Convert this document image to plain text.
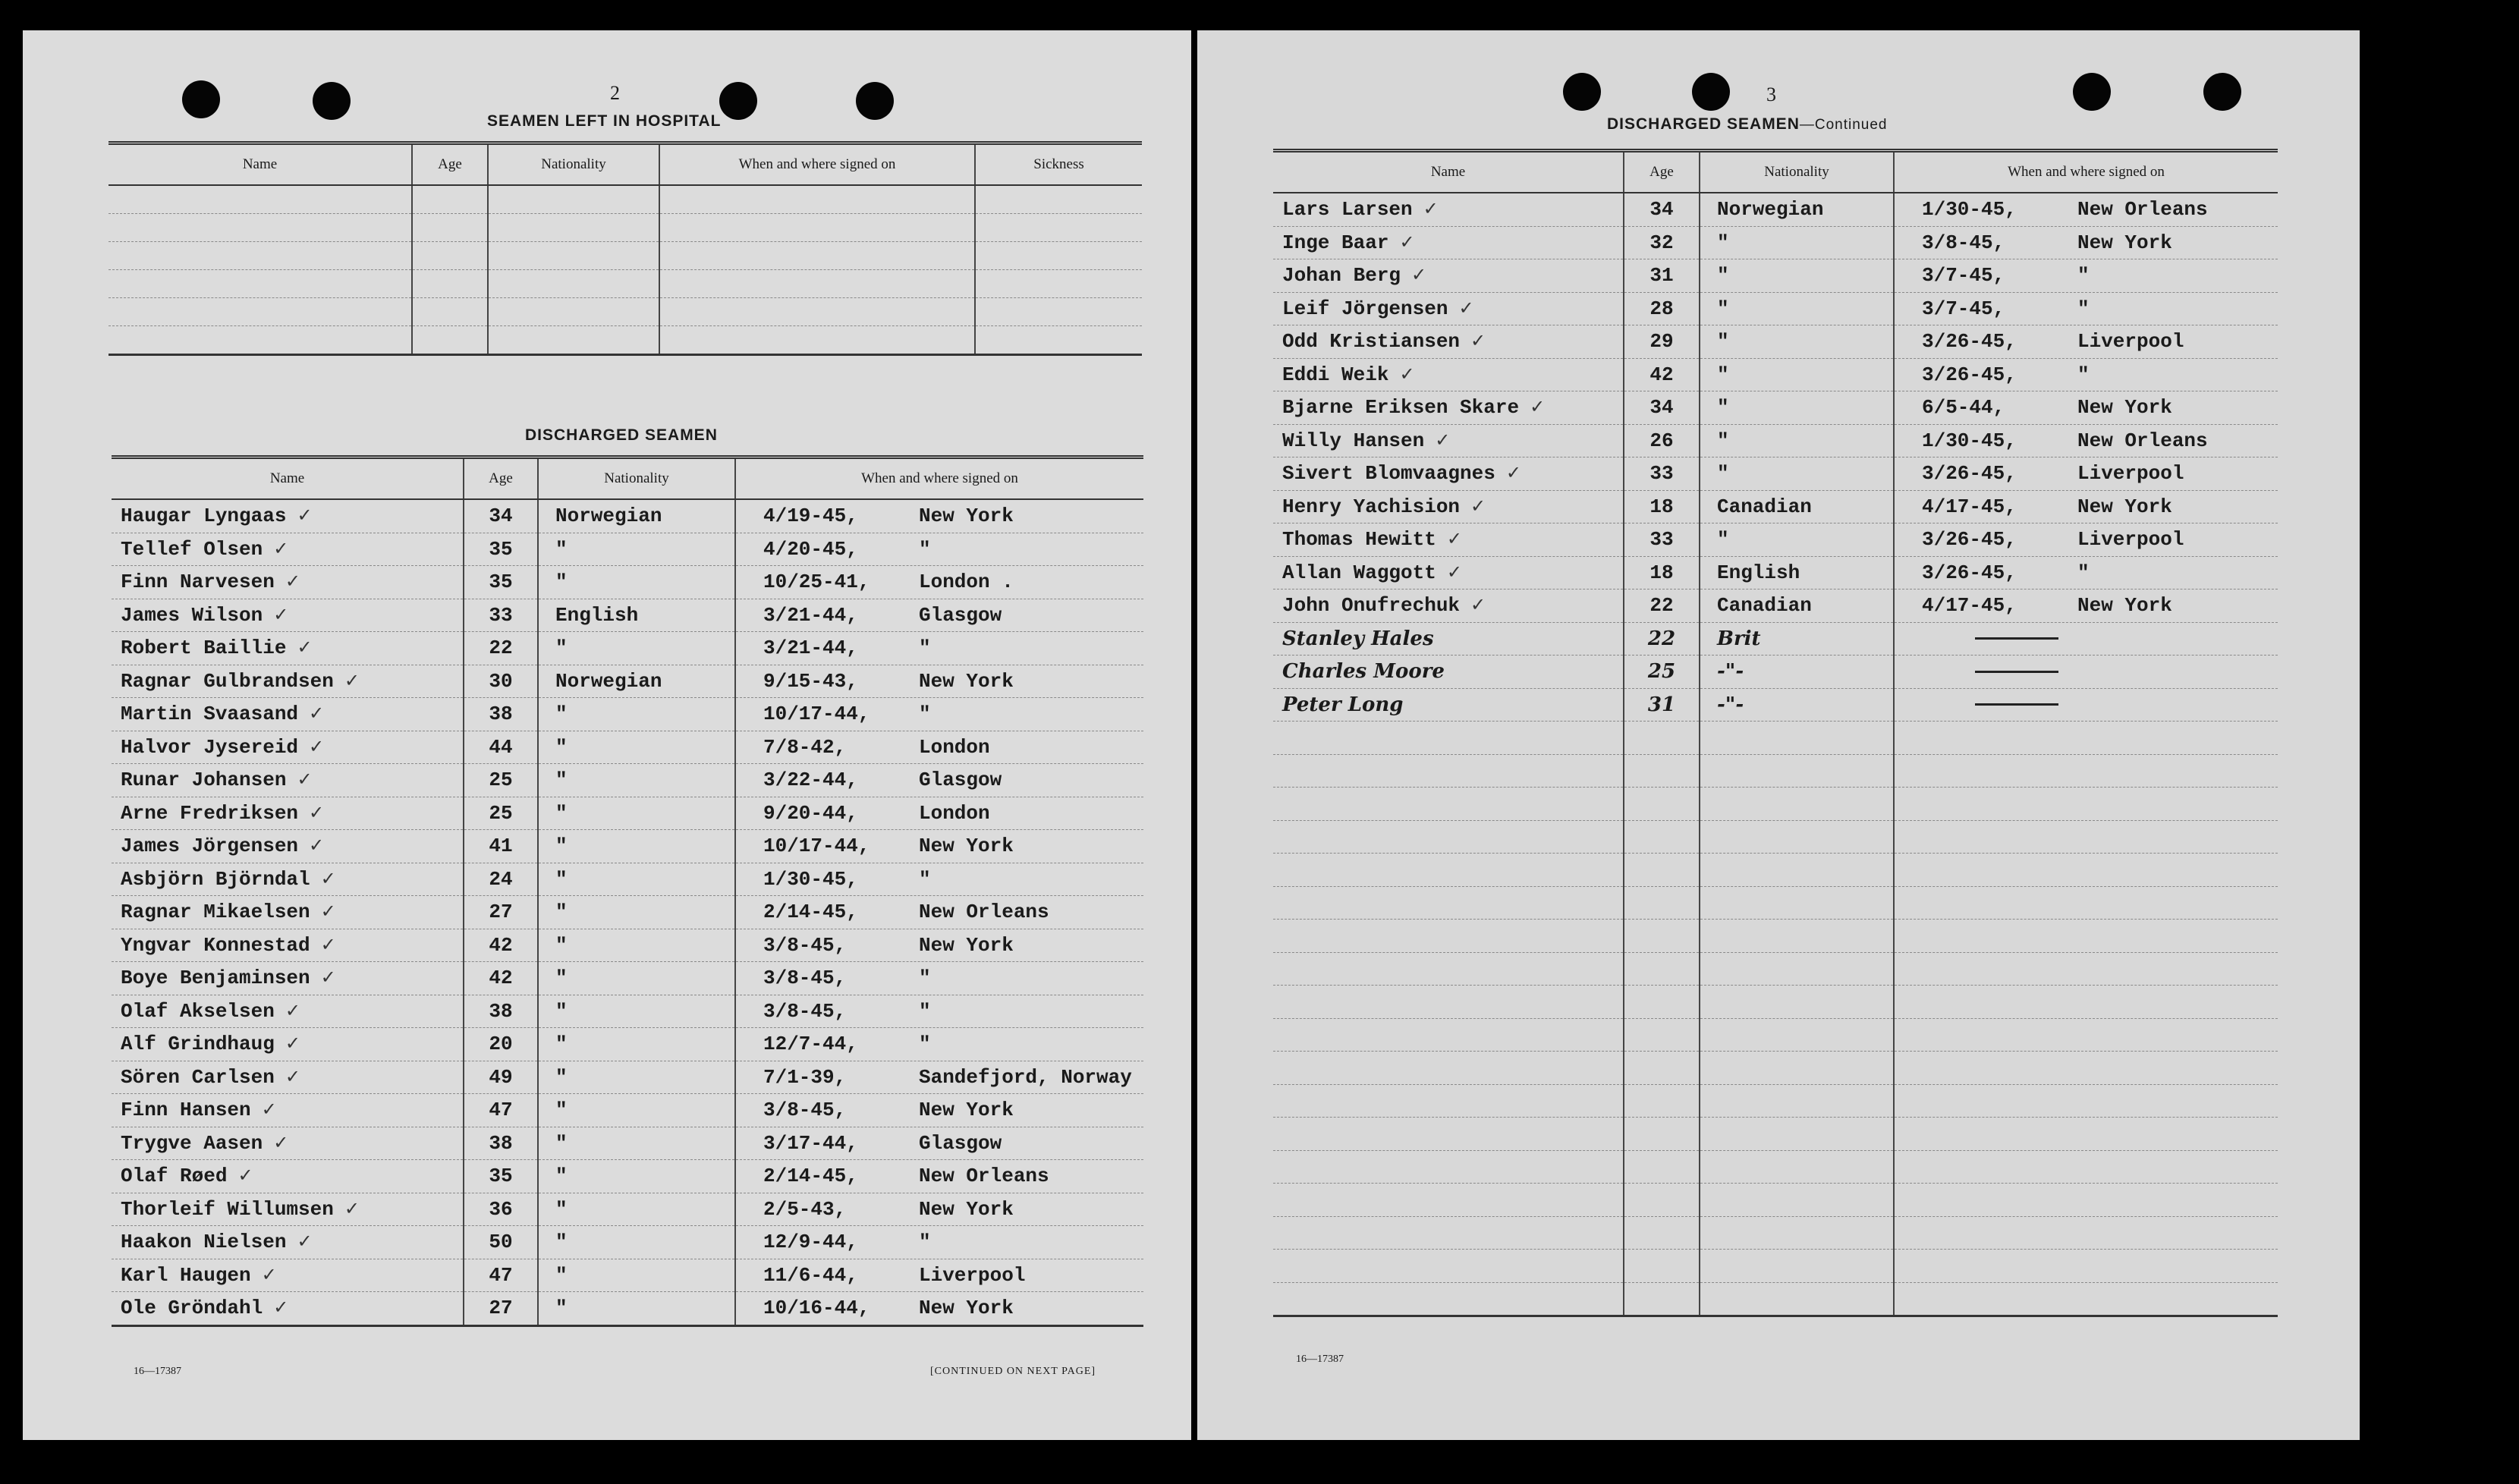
2
SEAMEN LEFT IN HOSPITAL
Name	Age	Nationality	When and where signed on	Sickness

DISCHARGED SEAMEN
Name	Age	Nationality	When and where signed on
Haugar Lyngaas ✓	34	Norwegian	4/19-45, New York
Tellef Olsen ✓	35	"	4/20-45, "
Finn Narvesen ✓	35	"	10/25-41, London .
James Wilson ✓	33	English	3/21-44, Glasgow
Robert Baillie ✓	22	"	3/21-44, "
Ragnar Gulbrandsen ✓	30	Norwegian	9/15-43, New York
Martin Svaasand ✓	38	"	10/17-44, "
Halvor Jysereid ✓	44	"	7/8-42, London
Runar Johansen ✓	25	"	3/22-44, Glasgow
Arne Fredriksen ✓	25	"	9/20-44, London
James Jörgensen ✓	41	"	10/17-44, New York
Asbjörn Björndal ✓	24	"	1/30-45, "
Ragnar Mikaelsen ✓	27	"	2/14-45, New Orleans
Yngvar Konnestad ✓	42	"	3/8-45, New York
Boye Benjaminsen ✓	42	"	3/8-45, "
Olaf Akselsen ✓	38	"	3/8-45, "
Alf Grindhaug ✓	20	"	12/7-44, "
Sören Carlsen ✓	49	"	7/1-39, Sandefjord, Norway
Finn Hansen ✓	47	"	3/8-45, New York
Trygve Aasen ✓	38	"	3/17-44, Glasgow
Olaf Røed ✓	35	"	2/14-45, New Orleans
Thorleif Willumsen ✓	36	"	2/5-43, New York
Haakon Nielsen ✓	50	"	12/9-44, "
Karl Haugen ✓	47	"	11/6-44, Liverpool
Ole Gröndahl ✓	27	"	10/16-44, New York
16—17387	[CONTINUED ON NEXT PAGE]
3
DISCHARGED SEAMEN—Continued
Name	Age	Nationality	When and where signed on
Lars Larsen ✓	34	Norwegian	1/30-45, New Orleans
Inge Baar ✓	32	"	3/8-45, New York
Johan Berg ✓	31	"	3/7-45, "
Leif Jörgensen ✓	28	"	3/7-45, "
Odd Kristiansen ✓	29	"	3/26-45, Liverpool
Eddi Weik ✓	42	"	3/26-45, "
Bjarne Eriksen Skare ✓	34	"	6/5-44, New York
Willy Hansen ✓	26	"	1/30-45, New Orleans
Sivert Blomvaagnes ✓	33	"	3/26-45, Liverpool
Henry Yachision ✓	18	Canadian	4/17-45, New York
Thomas Hewitt ✓	33	"	3/26-45, Liverpool
Allan Waggott ✓	18	English	3/26-45, "
John Onufrechuk ✓	22	Canadian	4/17-45, New York
Stanley Hales	22	Brit	
Charles Moore	25	-"-	
Peter Long	31	-"-	

16—17387
